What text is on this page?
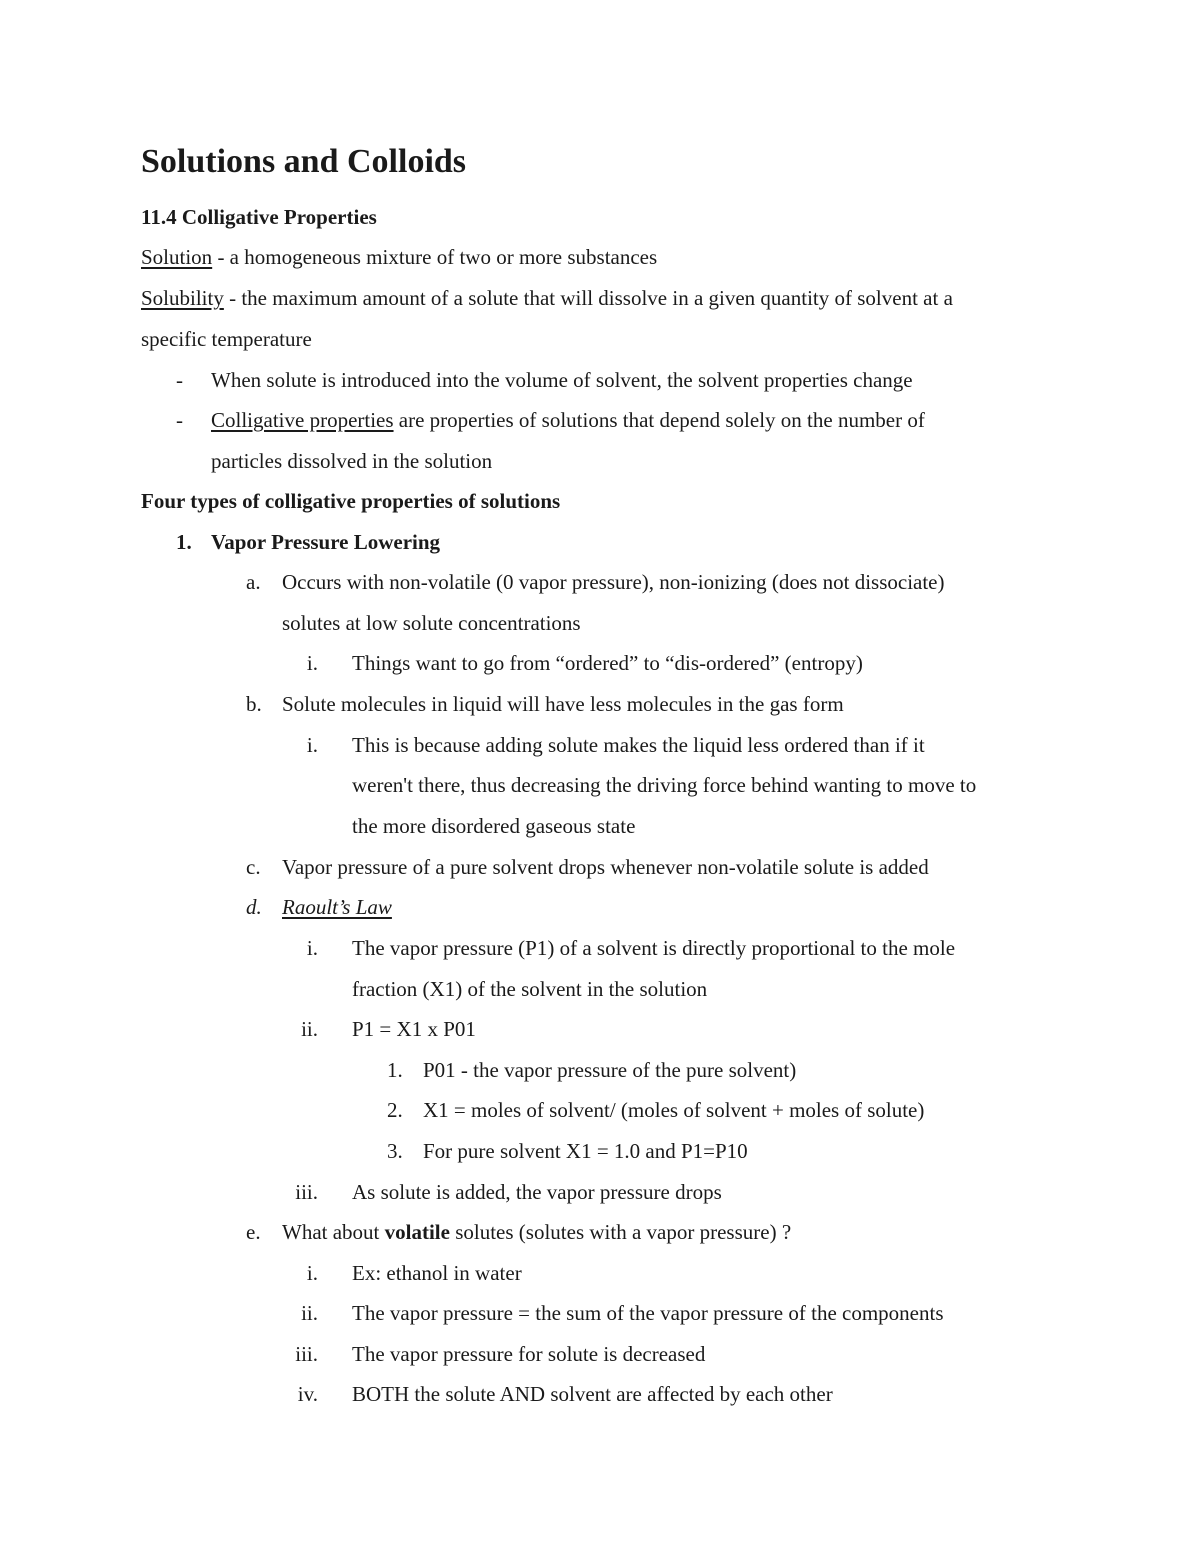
Solutions and Colloids
11.4 Colligative Properties
Solution - a homogeneous mixture of two or more substances
Solubility - the maximum amount of a solute that will dissolve in a given quantity of solvent at a
specific temperature
- When solute is introduced into the volume of solvent, the solvent properties change
- Colligative properties are properties of solutions that depend solely on the number of
particles dissolved in the solution
Four types of colligative properties of solutions
1. Vapor Pressure Lowering
a. Occurs with non-volatile (0 vapor pressure), non-ionizing (does not dissociate)
solutes at low solute concentrations
i. Things want to go from “ordered” to “dis-ordered” (entropy)
b. Solute molecules in liquid will have less molecules in the gas form
i. This is because adding solute makes the liquid less ordered than if it
weren't there, thus decreasing the driving force behind wanting to move to
the more disordered gaseous state
c. Vapor pressure of a pure solvent drops whenever non-volatile solute is added
d. Raoult’s Law
i. The vapor pressure (P1) of a solvent is directly proportional to the mole
fraction (X1) of the solvent in the solution
ii. P1 = X1 x P01
1. P01 - the vapor pressure of the pure solvent)
2. X1 = moles of solvent/ (moles of solvent + moles of solute)
3. For pure solvent X1 = 1.0 and P1=P10
iii. As solute is added, the vapor pressure drops
e. What about volatile solutes (solutes with a vapor pressure) ?
i. Ex: ethanol in water
ii. The vapor pressure = the sum of the vapor pressure of the components
iii. The vapor pressure for solute is decreased
iv. BOTH the solute AND solvent are affected by each other
